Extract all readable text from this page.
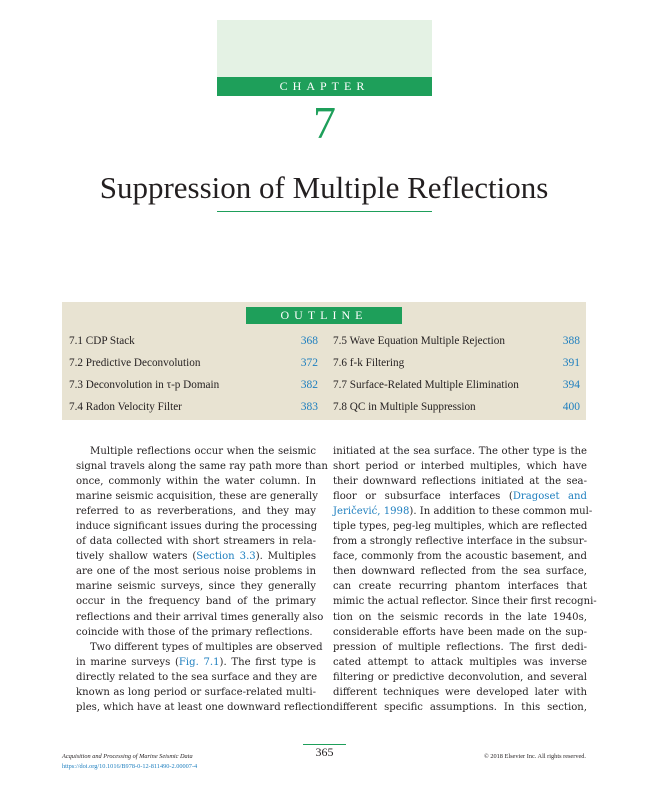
CHAPTER
7
Suppression of Multiple Reflections
OUTLINE
7.1 CDP Stack	368
7.2 Predictive Deconvolution	372
7.3 Deconvolution in τ-p Domain	382
7.4 Radon Velocity Filter	383
7.5 Wave Equation Multiple Rejection	388
7.6 f-k Filtering	391
7.7 Surface-Related Multiple Elimination	394
7.8 QC in Multiple Suppression	400

Multiple reflections occur when the seismic
signal travels along the same ray path more than
once, commonly within the water column. In
marine seismic acquisition, these are generally
referred to as reverberations, and they may
induce significant issues during the processing
of data collected with short streamers in rela-
tively shallow waters (Section 3.3). Multiples
are one of the most serious noise problems in
marine seismic surveys, since they generally
occur in the frequency band of the primary
reflections and their arrival times generally also
coincide with those of the primary reflections.

Two different types of multiples are observed
in marine surveys (Fig. 7.1). The first type is
directly related to the sea surface and they are
known as long period or surface-related multi-
ples, which have at least one downward reflection

initiated at the sea surface. The other type is the
short period or interbed multiples, which have
their downward reflections initiated at the sea-
floor or subsurface interfaces (Dragoset and
Jeričević, 1998). In addition to these common mul-
tiple types, peg-leg multiples, which are reflected
from a strongly reflective interface in the subsur-
face, commonly from the acoustic basement, and
then downward reflected from the sea surface,
can create recurring phantom interfaces that
mimic the actual reflector. Since their first recogni-
tion on the seismic records in the late 1940s,
considerable efforts have been made on the sup-
pression of multiple reflections. The first dedi-
cated attempt to attack multiples was inverse
filtering or predictive deconvolution, and several
different techniques were developed later with
different specific assumptions. In this section,

365
Acquisition and Processing of Marine Seismic Data
https://doi.org/10.1016/B978-0-12-811490-2.00007-4
© 2018 Elsevier Inc. All rights reserved.
